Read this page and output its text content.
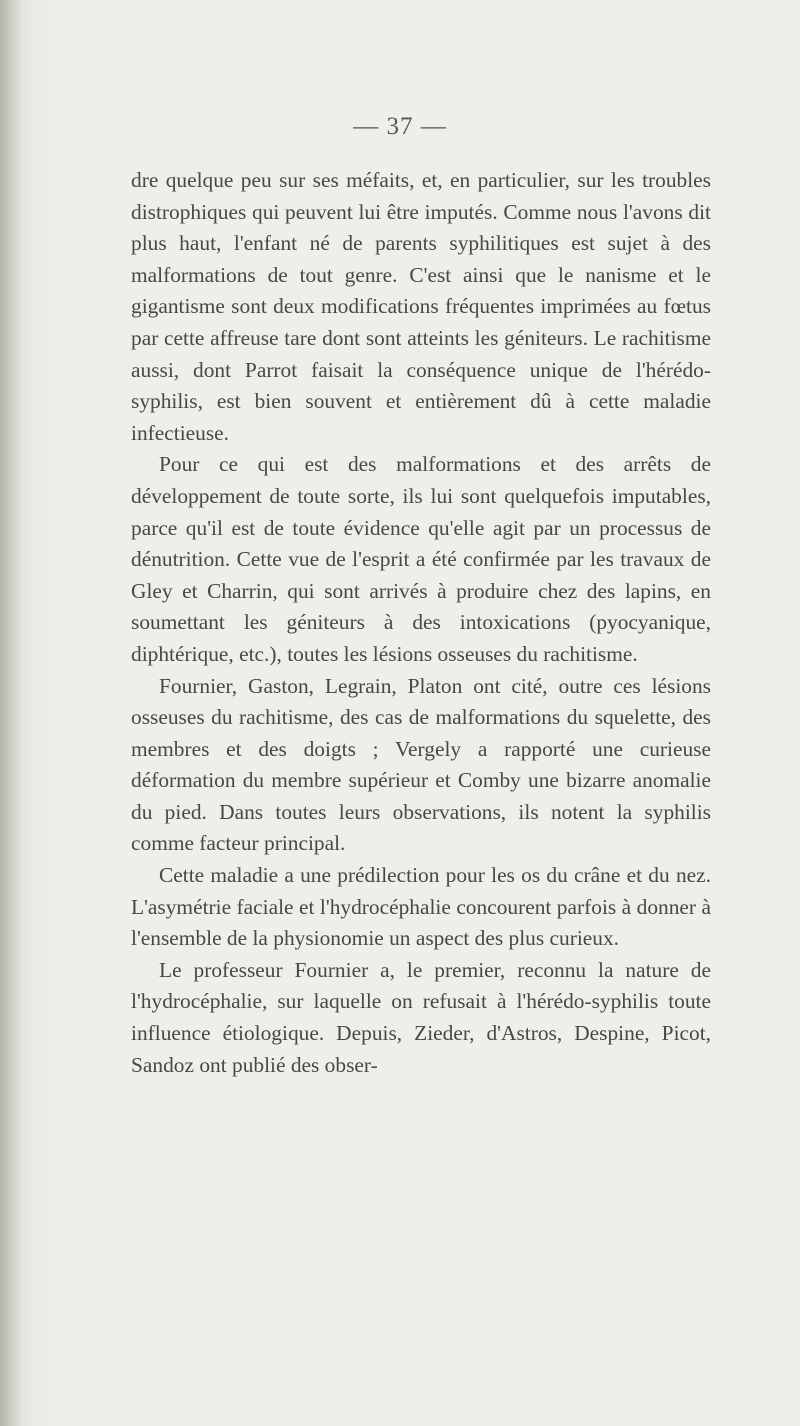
— 37 —

dre quelque peu sur ses méfaits, et, en particulier, sur les troubles distrophiques qui peuvent lui être imputés. Comme nous l'avons dit plus haut, l'enfant né de parents syphilitiques est sujet à des malformations de tout genre. C'est ainsi que le nanisme et le gigantisme sont deux modifications fréquentes imprimées au fœtus par cette affreuse tare dont sont atteints les géniteurs. Le rachitisme aussi, dont Parrot faisait la conséquence unique de l'hérédo-syphilis, est bien souvent et entièrement dû à cette maladie infectieuse.

Pour ce qui est des malformations et des arrêts de développement de toute sorte, ils lui sont quelquefois imputables, parce qu'il est de toute évidence qu'elle agit par un processus de dénutrition. Cette vue de l'esprit a été confirmée par les travaux de Gley et Charrin, qui sont arrivés à produire chez des lapins, en soumettant les géniteurs à des intoxications (pyocyanique, diphtérique, etc.), toutes les lésions osseuses du rachitisme.

Fournier, Gaston, Legrain, Platon ont cité, outre ces lésions osseuses du rachitisme, des cas de malformations du squelette, des membres et des doigts ; Vergely a rapporté une curieuse déformation du membre supérieur et Comby une bizarre anomalie du pied. Dans toutes leurs observations, ils notent la syphilis comme facteur principal.

Cette maladie a une prédilection pour les os du crâne et du nez. L'asymétrie faciale et l'hydrocéphalie concourent parfois à donner à l'ensemble de la physionomie un aspect des plus curieux.

Le professeur Fournier a, le premier, reconnu la nature de l'hydrocéphalie, sur laquelle on refusait à l'hérédo-syphilis toute influence étiologique. Depuis, Zieder, d'Astros, Despine, Picot, Sandoz ont publié des obser-
